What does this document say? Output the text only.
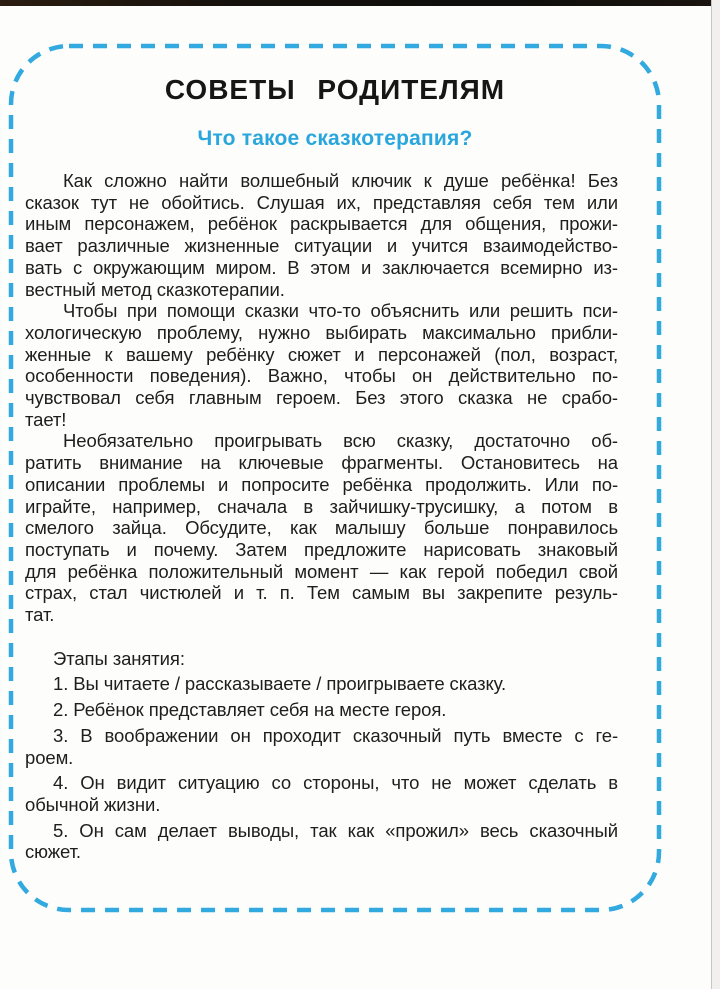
СОВЕТЫ РОДИТЕЛЯМ
Что такое сказкотерапия?
Как сложно найти волшебный ключик к душе ребёнка! Без
сказок тут не обойтись. Слушая их, представляя себя тем или
иным персонажем, ребёнок раскрывается для общения, прожи-
вает различные жизненные ситуации и учится взаимодейство-
вать с окружающим миром. В этом и заключается всемирно из-
вестный метод сказкотерапии.
Чтобы при помощи сказки что-то объяснить или решить пси-
хологическую проблему, нужно выбирать максимально прибли-
женные к вашему ребёнку сюжет и персонажей (пол, возраст,
особенности поведения). Важно, чтобы он действительно по-
чувствовал себя главным героем. Без этого сказка не срабо-
тает!
Необязательно проигрывать всю сказку, достаточно об-
ратить внимание на ключевые фрагменты. Остановитесь на
описании проблемы и попросите ребёнка продолжить. Или по-
играйте, например, сначала в зайчишку-трусишку, а потом в
смелого зайца. Обсудите, как малышу больше понравилось
поступать и почему. Затем предложите нарисовать знаковый
для ребёнка положительный момент — как герой победил свой
страх, стал чистюлей и т. п. Тем самым вы закрепите резуль-
тат.
Этапы занятия:
1. Вы читаете / рассказываете / проигрываете сказку.
2. Ребёнок представляет себя на месте героя.
3. В воображении он проходит сказочный путь вместе с ге-
роем.
4. Он видит ситуацию со стороны, что не может сделать в
обычной жизни.
5. Он сам делает выводы, так как «прожил» весь сказочный
сюжет.
